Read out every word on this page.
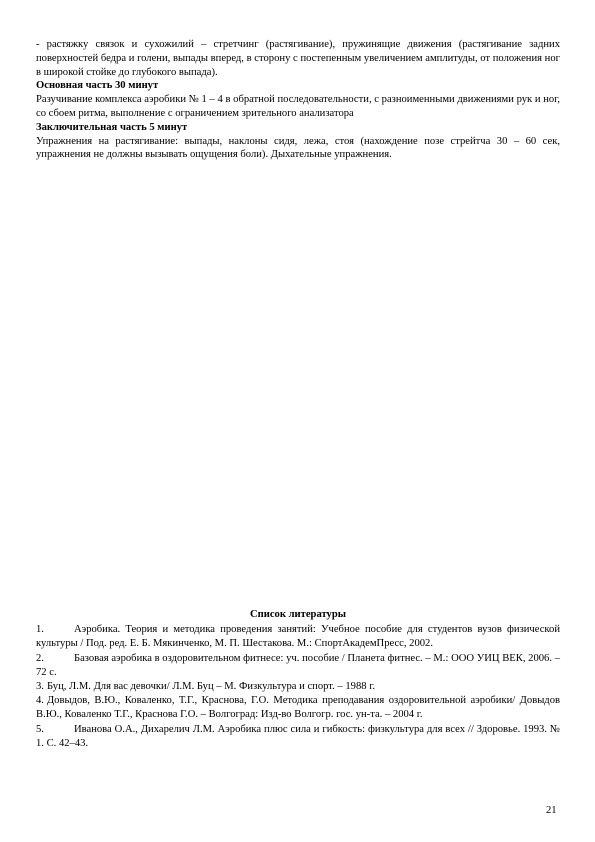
- растяжку связок и сухожилий – стретчинг (растягивание), пружинящие движения (растягивание задних поверхностей бедра и голени, выпады вперед, в сторону с постепенным увеличением амплитуды, от положения ног в широкой стойке до глубокого выпада).

Основная часть 30 минут

Разучивание комплекса аэробики № 1 – 4 в обратной последовательности, с разноименными движениями рук и ног, со сбоем ритма, выполнение с ограничением зрительного анализатора

Заключительная часть 5 минут

Упражнения на растягивание: выпады, наклоны сидя, лежа, стоя (нахождение позе стрейтча 30 – 60 сек, упражнения не должны вызывать ощущения боли). Дыхательные упражнения.

Список литературы

1.	Аэробика. Теория и методика проведения занятий: Учебное пособие для студентов вузов физической культуры / Под. ред. Е. Б. Мякинченко, М. П. Шестакова. М.: СпортАкадемПресс, 2002.

2.	Базовая аэробика в оздоровительном фитнесе: уч. пособие / Планета фитнес. – М.: ООО УИЦ ВЕК, 2006. – 72 с.

3. Буц, Л.М. Для вас девочки/ Л.М. Буц – М. Физкультура и спорт. – 1988 г.

4. Довыдов, В.Ю., Коваленко, Т.Г., Краснова, Г.О. Методика преподавания оздоровительной аэробики/ Довыдов В.Ю., Коваленко Т.Г., Краснова Г.О. – Волгоград: Изд-во Волгогр. гос. ун-та. – 2004 г.

5.	Иванова О.А., Дихарелич Л.М. Аэробика плюс сила и гибкость: физкультура для всех // Здоровье. 1993. № 1. С. 42–43.

21
